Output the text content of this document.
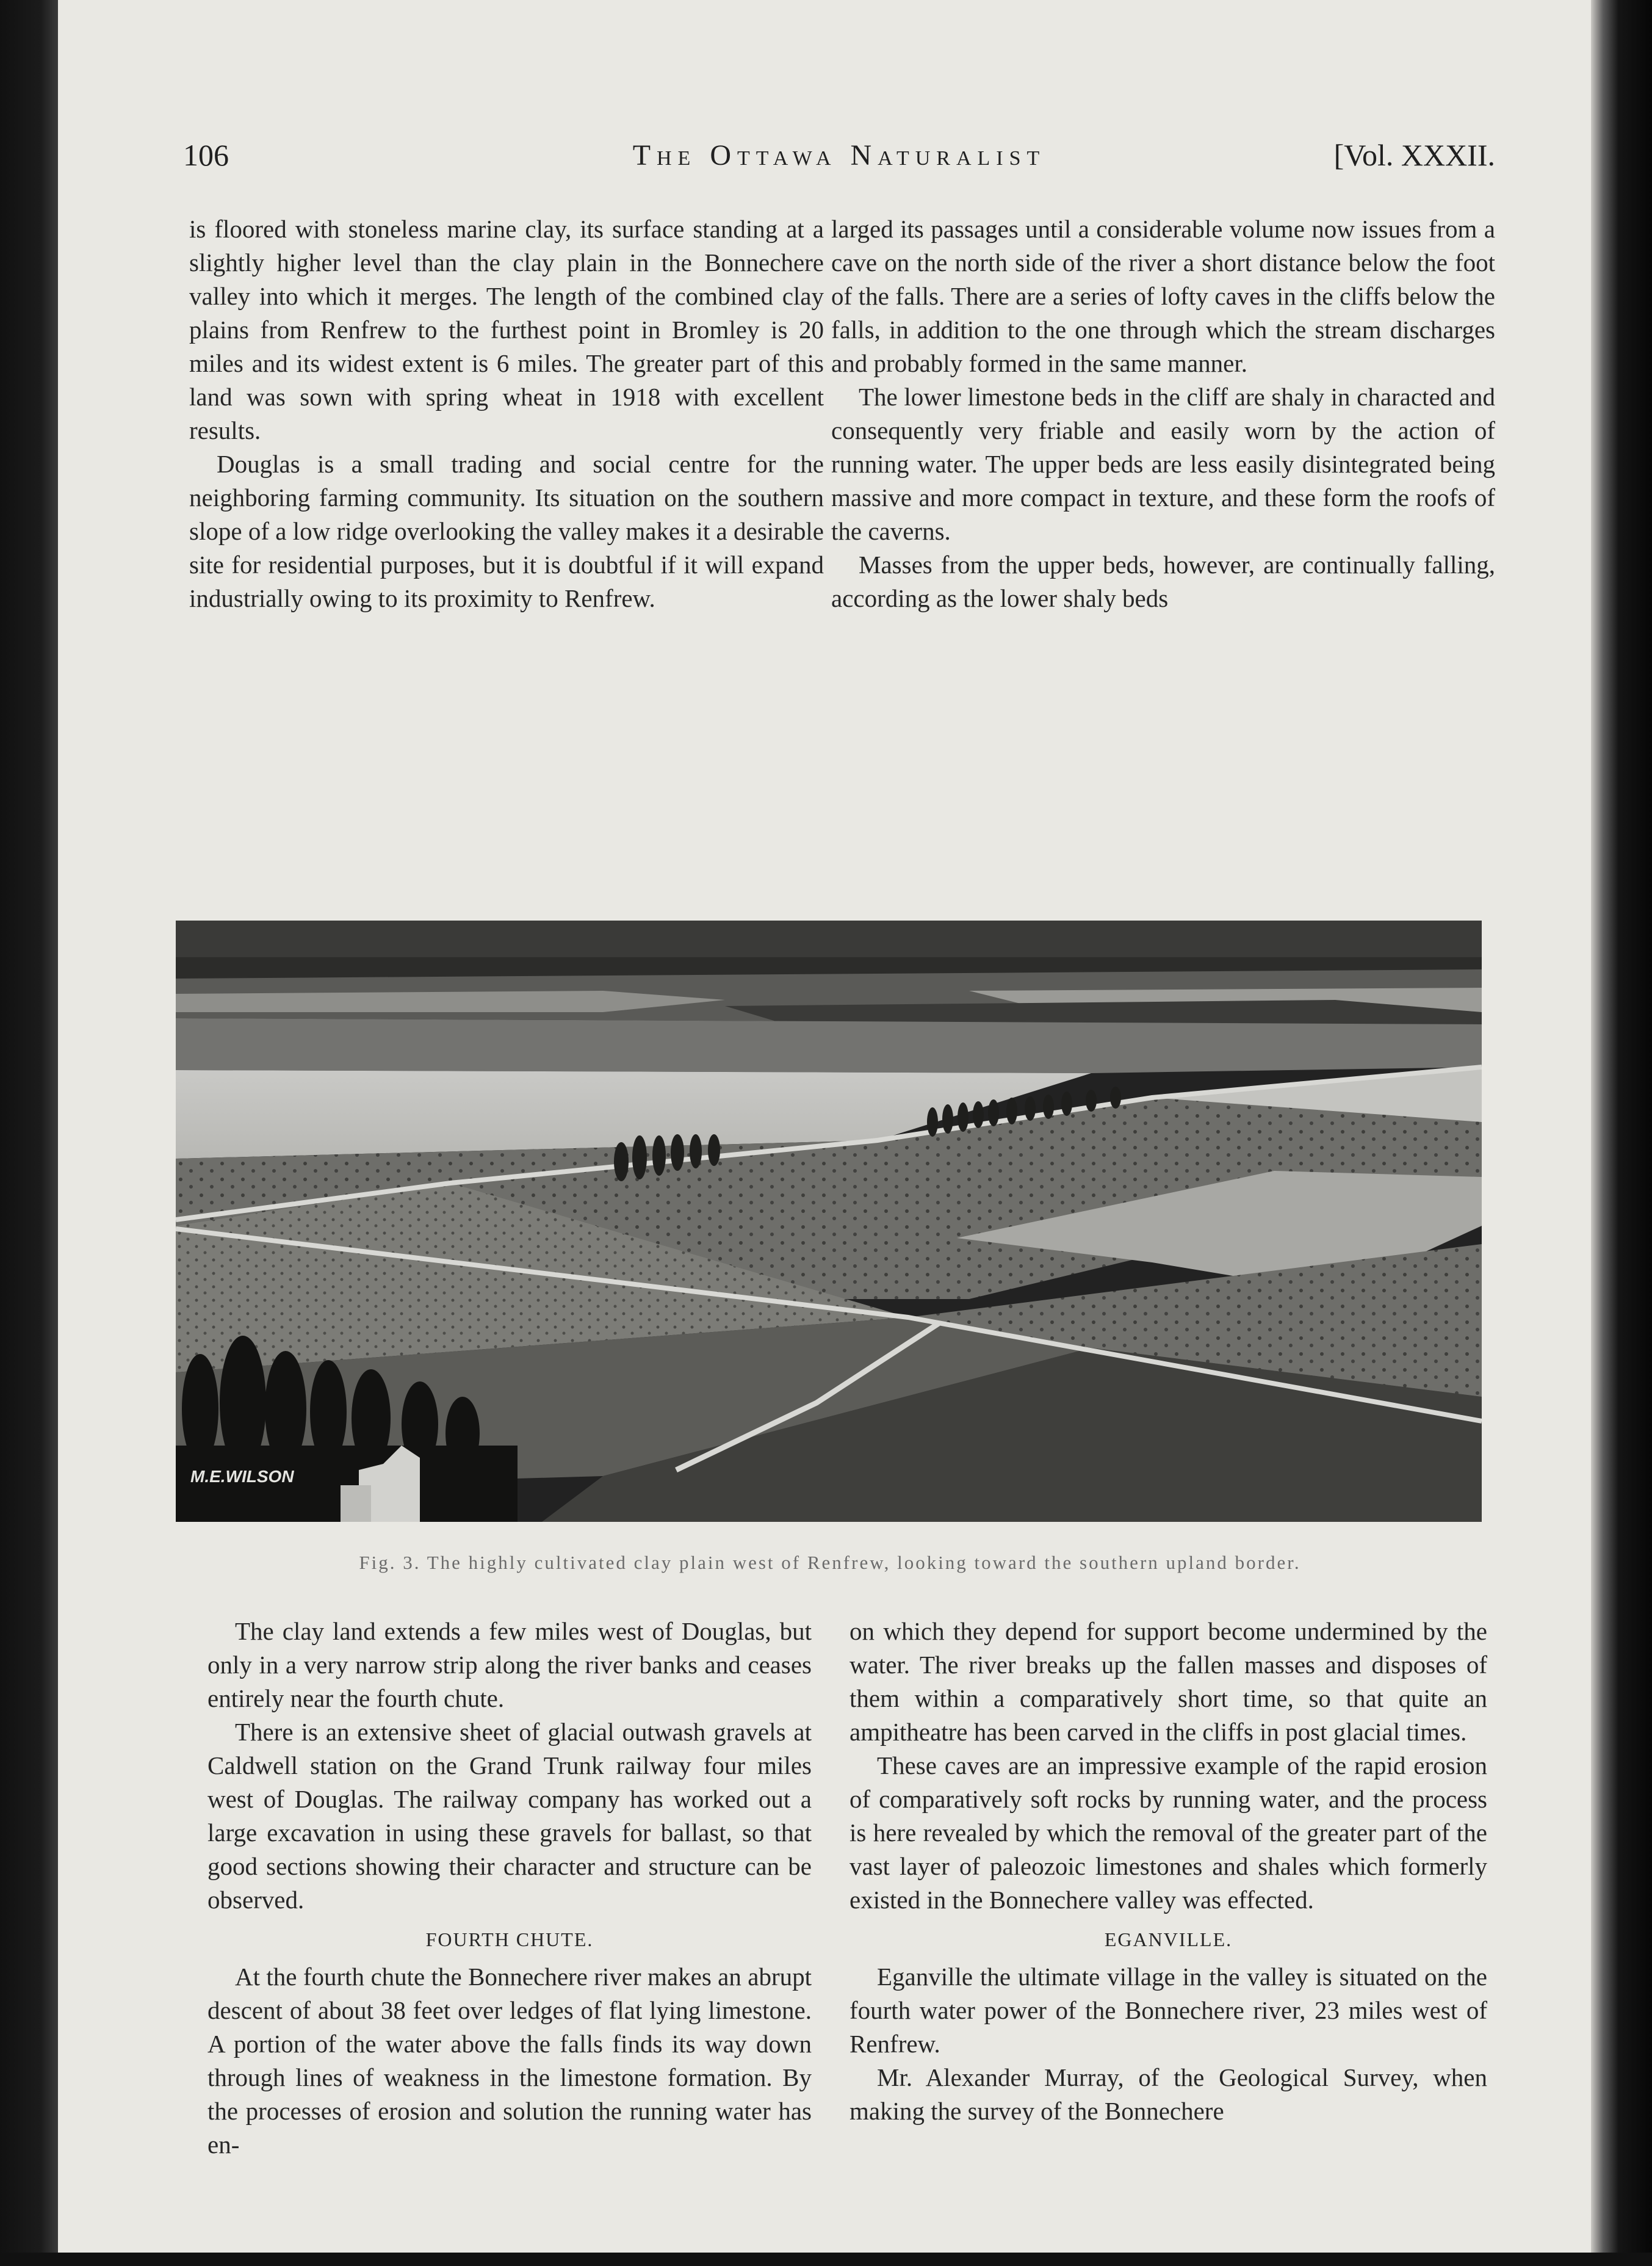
106	The Ottawa Naturalist	[Vol. XXXII.

is floored with stoneless marine clay, its surface standing at a slightly higher level than the clay plain in the Bonnechere valley into which it merges. The length of the combined clay plains from Renfrew to the furthest point in Bromley is 20 miles and its widest extent is 6 miles. The greater part of this land was sown with spring wheat in 1918 with excellent results.

Douglas is a small trading and social centre for the neighboring farming community. Its situation on the southern slope of a low ridge overlooking the valley makes it a desirable site for residential purposes, but it is doubtful if it will expand industrially owing to its proximity to Renfrew.

larged its passages until a considerable volume now issues from a cave on the north side of the river a short distance below the foot of the falls. There are a series of lofty caves in the cliffs below the falls, in addition to the one through which the stream discharges and probably formed in the same manner.

The lower limestone beds in the cliff are shaly in characted and consequently very friable and easily worn by the action of running water. The upper beds are less easily disintegrated being massive and more compact in texture, and these form the roofs of the caverns.

Masses from the upper beds, however, are continually falling, according as the lower shaly beds

M.E.WILSON
Fig. 3. The highly cultivated clay plain west of Renfrew, looking toward the southern upland border.

The clay land extends a few miles west of Douglas, but only in a very narrow strip along the river banks and ceases entirely near the fourth chute.

There is an extensive sheet of glacial outwash gravels at Caldwell station on the Grand Trunk railway four miles west of Douglas. The railway company has worked out a large excavation in using these gravels for ballast, so that good sections showing their character and structure can be observed.

FOURTH CHUTE.

At the fourth chute the Bonnechere river makes an abrupt descent of about 38 feet over ledges of flat lying limestone. A portion of the water above the falls finds its way down through lines of weakness in the limestone formation. By the processes of erosion and solution the running water has en-

on which they depend for support become undermined by the water. The river breaks up the fallen masses and disposes of them within a comparatively short time, so that quite an ampitheatre has been carved in the cliffs in post glacial times.

These caves are an impressive example of the rapid erosion of comparatively soft rocks by running water, and the process is here revealed by which the removal of the greater part of the vast layer of paleozoic limestones and shales which formerly existed in the Bonnechere valley was effected.

EGANVILLE.

Eganville the ultimate village in the valley is situated on the fourth water power of the Bonnechere river, 23 miles west of Renfrew.

Mr. Alexander Murray, of the Geological Survey, when making the survey of the Bonnechere
